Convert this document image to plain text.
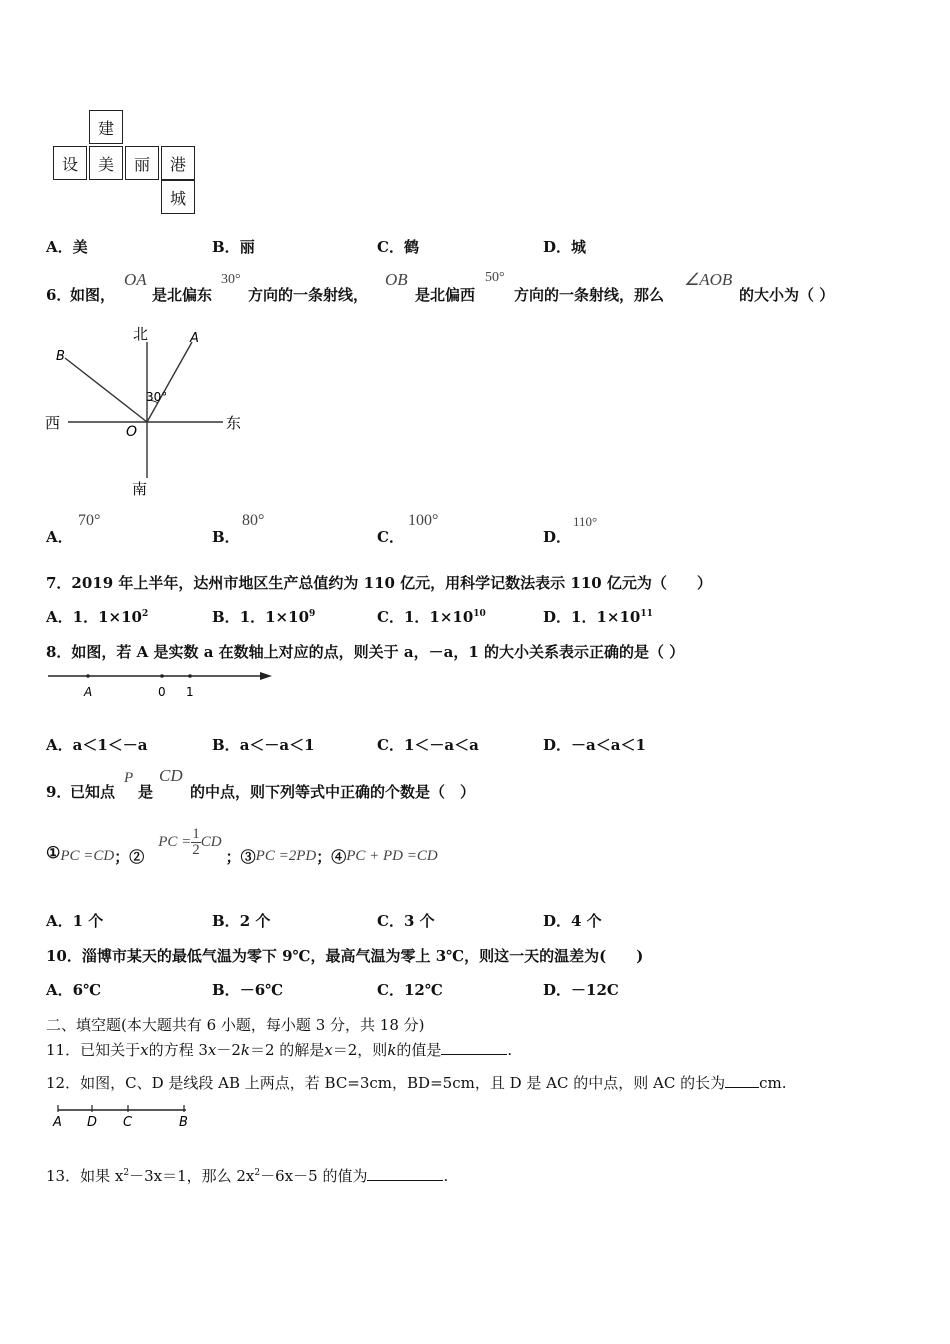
建
设	美	丽	港
城
A．美	B．丽	C．鹤	D．城
6．
如图，
OA
是北偏东
30°
方向的一条射线，
OB
是北偏西
50°
方向的一条射线，那么
∠AOB
的大小为（ ）
北
南
西	东
A
B
O
30°
A．
70°
B．
80°
C．
100°
D．
110°
7．2019 年上半年，达州市地区生产总值约为 110 亿元，用科学记数法表示 110 亿元为（　　）
A．1．$1\times 10^2$	B．1．$1\times 10^9$	C．1．$1\times 10^{10}$	D．1．$1\times 10^{11}$
8．如图，若 A 是实数 a 在数轴上对应的点，则关于 a，－a，1 的大小关系表示正确的是（ ）
A	0 1
A．a＜1＜－a	B．a＜－a＜1	C．1＜－a＜a	D．－a＜a＜1
9．
已知点
P
是
CD
的中点，则下列等式中正确的个数是（　）
① PC =CD ；②
PC = $\frac{1}{2}$ CD
；③ PC =2PD ；④ PC + PD =CD
A．1 个	B．2 个	C．3 个	D．4 个
10．淄博市某天的最低气温为零下 9℃，最高气温为零上 3℃，则这一天的温差为(　　)
A．6℃	B．－6℃	C．12℃	D．－12C
二、填空题(本大题共有 6 小题，每小题 3 分，共 18 分)
11．已知关于x的方程 3x－2k＝2 的解是x＝2，则k的值是	.
12．如图，C、D 是线段 AB 上两点，若 BC=3cm，BD=5cm，且 D 是 AC 的中点，则 AC 的长为 cm.
A D C	B
13．如果 $x^2-3x=1$，那么 $2x^2-6x-5$ 的值为	.
